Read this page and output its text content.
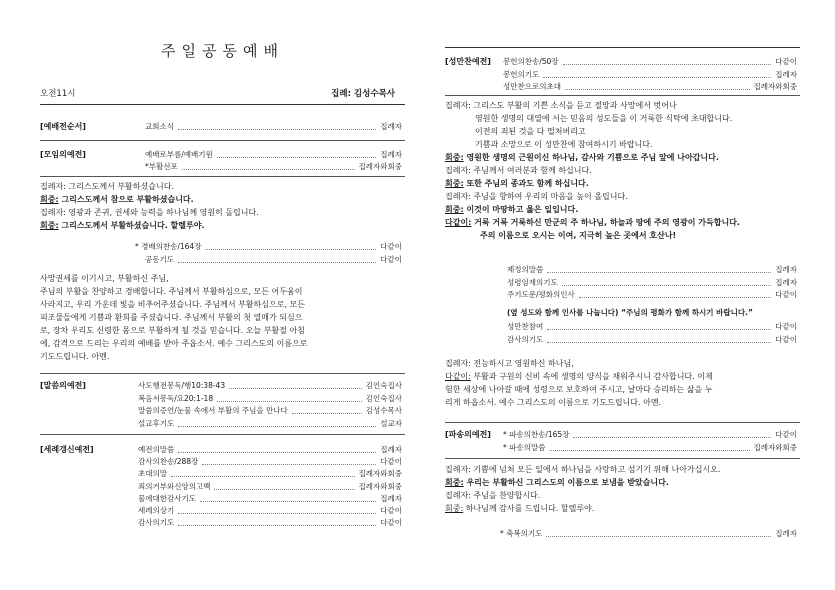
주일공동예배
오전11시	집례: 김성수목사
[예배전순서]	교회소식	집례자
[모임의예전]	예배로부름/예배기원	집례자
*부활선포	집례자와회중
집례자: 그리스도께서 부활하셨습니다.
회중: 그리스도께서 참으로 부활하셨습니다.
집례자: 영광과 존귀, 권세와 능력을 하나님께 영원히 돌립니다.
회중: 그리스도께서 부활하셨습니다. 할렐루야.
* 경배의찬송/164장	다같이
공동기도	다같이
사망권세를 이기시고, 부활하신 주님,
주님의 부활을 찬양하고 경배합니다. 주님께서 부활하심으로, 모든 어두움이
사라지고, 우리 가운데 빛을 비추어주셨습니다. 주님께서 부활하심으로, 모든
피조물들에게 기쁨과 환희를 주셨습니다. 주님께서 부활의 첫 열매가 되심으
로, 장차 우리도 신령한 몸으로 부활하게 될 것을 믿습니다. 오늘 부활절 아침
에, 감격으로 드리는 우리의 예배를 받아 주옵소서. 예수 그리스도의 이름으로
기도드립니다. 아멘.
[말씀의예전]	사도행전봉독/행10:38-43	김인숙집사
복음서봉독/요20:1-18	김인숙집사
말씀의증언/눈물 속에서 부활의 주님을 만나다	김성수목사
설교후기도	설교자
[세례갱신예전]	예전의말씀	집례자
감사의찬송/288장	다같이
초대의말	집례자와회중
죄의거부와신앙의고백	집례자와회중
물에대한감사기도	집례자
세례의상기	다같이
감사의기도	다같이
[성만찬예전] 봉헌의찬송/50장	다같이
봉헌의기도	집례자
성만찬으로의초대	집례자와회중
집례자: 그리스도 부활의 기쁜 소식을 듣고 절망과 사망에서 벗어나
영원한 생명의 대열에 서는 믿음의 성도들을 이 거룩한 식탁에 초대합니다.
이전의 죄된 것을 다 떨쳐버리고
기쁨과 소망으로 이 성만찬에 참여하시기 바랍니다.
회중: 영원한 생명의 근원이신 하나님, 감사와 기쁨으로 주님 앞에 나아갑니다.
집례자: 주님께서 여러분과 함께 하십니다.
회중: 또한 주님의 종과도 함께 하십니다.
집례자: 주님을 향하여 우리의 마음을 높이 올립니다.
회중: 이것이 마땅하고 옳은 일입니다.
다같이: 거룩 거룩 거룩하신 만군의 주 하나님, 하늘과 땅에 주의 영광이 가득합니다.
주의 이름으로 오시는 이여, 지극히 높은 곳에서 호산나!
제정의말씀	집례자
성령임재의기도	집례자
주기도문/평화의인사	다같이
(옆 성도와 함께 인사를 나눕니다) “주님의 평화가 함께 하시기 바랍니다.”
성만찬참여	다같이
감사의기도	다같이
집례자: 전능하시고 영원하신 하나님,
다같이: 부활과 구원의 신비 속에 생명의 양식을 채워주시니 감사합니다. 이제
험한 세상에 나아갈 때에 성령으로 보호하여 주시고, 날마다 승리하는 삶을 누
리게 하옵소서. 예수 그리스도의 이름으로 기도드립니다. 아멘.
[파송의예전] * 파송의찬송/165장	다같이
* 파송의말씀	집례자와회중
집례자: 기쁨에 넘쳐 모든 일에서 하나님을 사랑하고 섬기기 위해 나아가십시오.
회중: 우리는 부활하신 그리스도의 이름으로 보냄을 받았습니다.
집례자: 주님을 찬양합시다.
회중: 하나님께 감사를 드립니다. 할렐루야.
* 축복의기도	집례자
